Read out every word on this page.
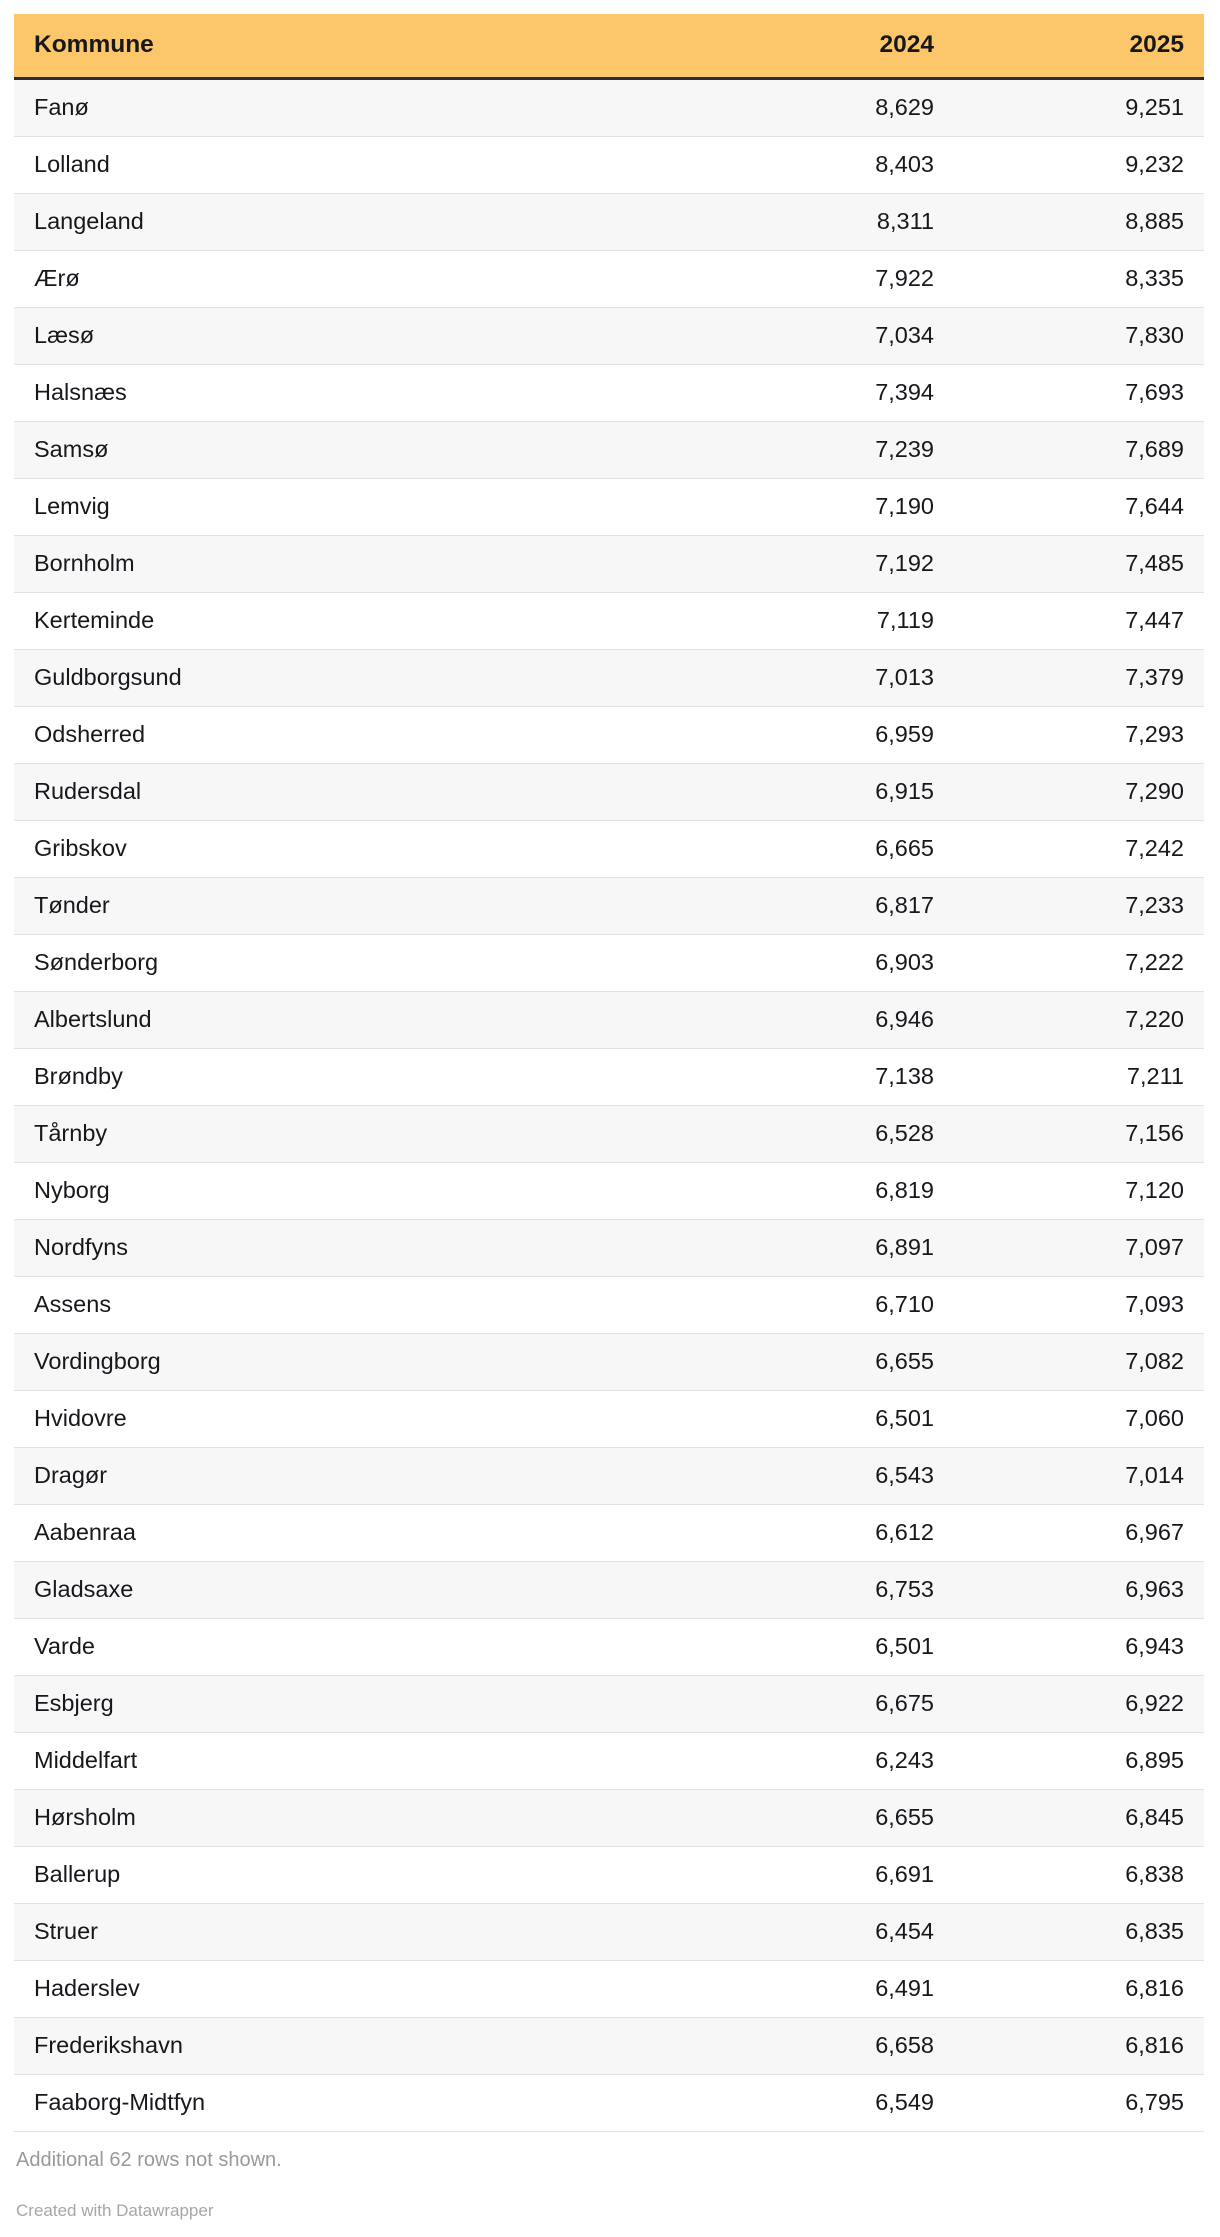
Kommune	2024	2025
Fanø	8,629	9,251
Lolland	8,403	9,232
Langeland	8,311	8,885
Ærø	7,922	8,335
Læsø	7,034	7,830
Halsnæs	7,394	7,693
Samsø	7,239	7,689
Lemvig	7,190	7,644
Bornholm	7,192	7,485
Kerteminde	7,119	7,447
Guldborgsund	7,013	7,379
Odsherred	6,959	7,293
Rudersdal	6,915	7,290
Gribskov	6,665	7,242
Tønder	6,817	7,233
Sønderborg	6,903	7,222
Albertslund	6,946	7,220
Brøndby	7,138	7,211
Tårnby	6,528	7,156
Nyborg	6,819	7,120
Nordfyns	6,891	7,097
Assens	6,710	7,093
Vordingborg	6,655	7,082
Hvidovre	6,501	7,060
Dragør	6,543	7,014
Aabenraa	6,612	6,967
Gladsaxe	6,753	6,963
Varde	6,501	6,943
Esbjerg	6,675	6,922
Middelfart	6,243	6,895
Hørsholm	6,655	6,845
Ballerup	6,691	6,838
Struer	6,454	6,835
Haderslev	6,491	6,816
Frederikshavn	6,658	6,816
Faaborg-Midtfyn	6,549	6,795
Additional 62 rows not shown.
Created with Datawrapper
